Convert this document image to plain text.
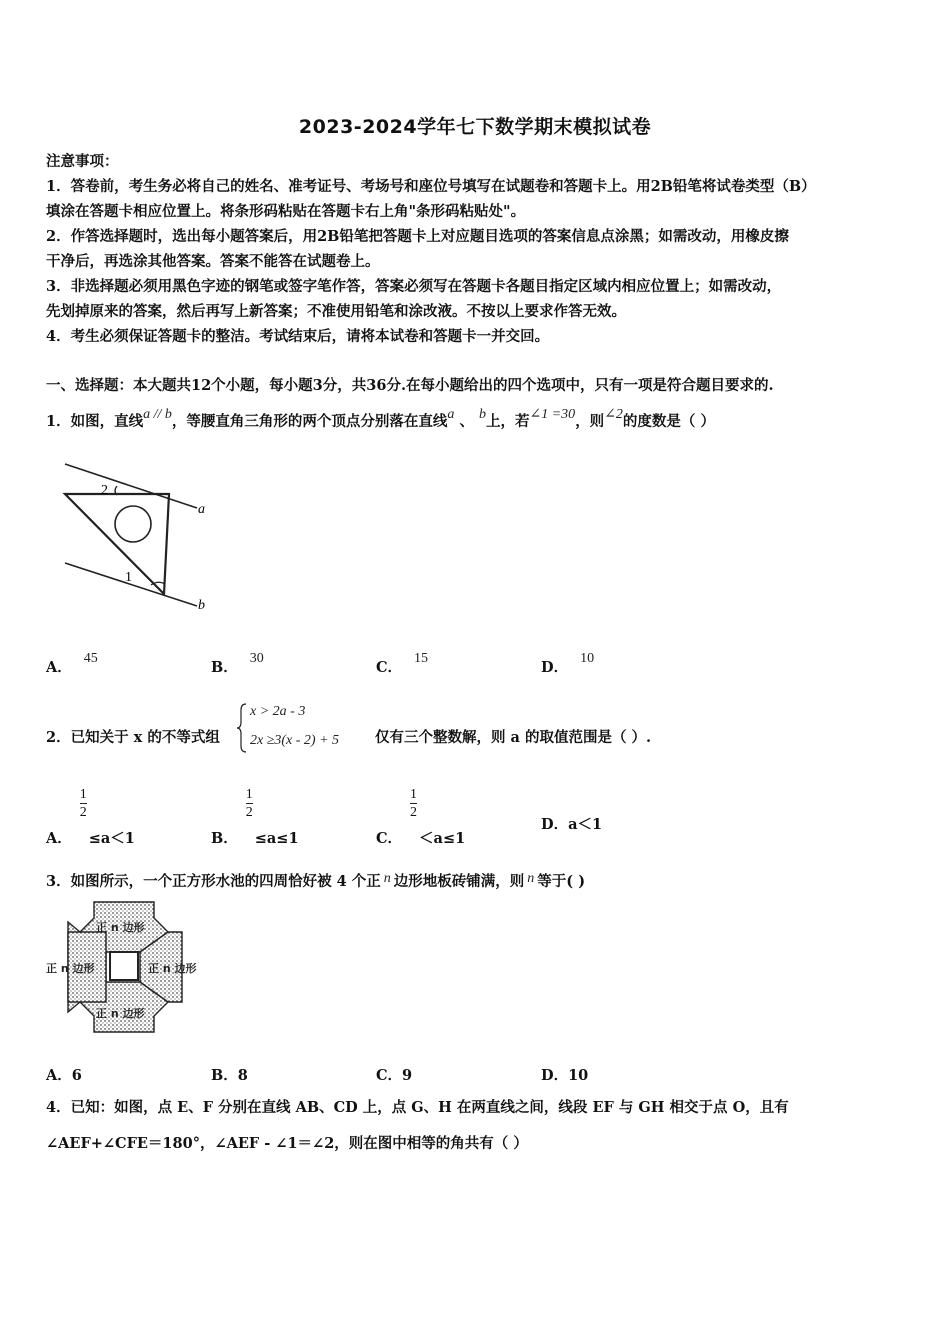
2023-2024学年七下数学期末模拟试卷
注意事项：
1．答卷前，考生务必将自己的姓名、准考证号、考场号和座位号填写在试题卷和答题卡上。用2B铅笔将试卷类型（B）
填涂在答题卡相应位置上。将条形码粘贴在答题卡右上角"条形码粘贴处"。
2．作答选择题时，选出每小题答案后，用2B铅笔把答题卡上对应题目选项的答案信息点涂黑；如需改动，用橡皮擦
干净后，再选涂其他答案。答案不能答在试题卷上。
3．非选择题必须用黑色字迹的钢笔或签字笔作答，答案必须写在答题卡各题目指定区域内相应位置上；如需改动，
先划掉原来的答案，然后再写上新答案；不准使用铅笔和涂改液。不按以上要求作答无效。
4．考生必须保证答题卡的整洁。考试结束后，请将本试卷和答题卡一并交回。
一、选择题：本大题共12个小题，每小题3分，共36分.在每小题给出的四个选项中，只有一项是符合题目要求的.
1．如图，直线a // b，等腰直角三角形的两个顶点分别落在直线a 、 b上，若∠1 =30，则∠2的度数是（ ）
2
1
a
b
A．45
B．30
C．15
D．10
2．已知关于 x 的不等式组
x > 2a - 3
2x ≥3(x - 2) + 5 仅有三个整数解，则 a 的取值范围是（ ）.
A．
$\frac{1}{2}$
≤a＜1	B．
$\frac{1}{2}$
≤a≤1	C．
$\frac{1}{2}$
＜a≤1
D．a＜1
3．如图所示，一个正方形水池的四周恰好被 4 个正 n 边形地板砖铺满，则 n 等于( )
正 n 边形
正 n 边形	正 n 边形
正 n 边形
A．6	B．8	C．9	D．10
4．已知：如图，点 E、F 分别在直线 AB、CD 上，点 G、H 在两直线之间，线段 EF 与 GH 相交于点 O，且有
∠AEF+∠CFE＝180°，∠AEF - ∠1＝∠2，则在图中相等的角共有（ ）
